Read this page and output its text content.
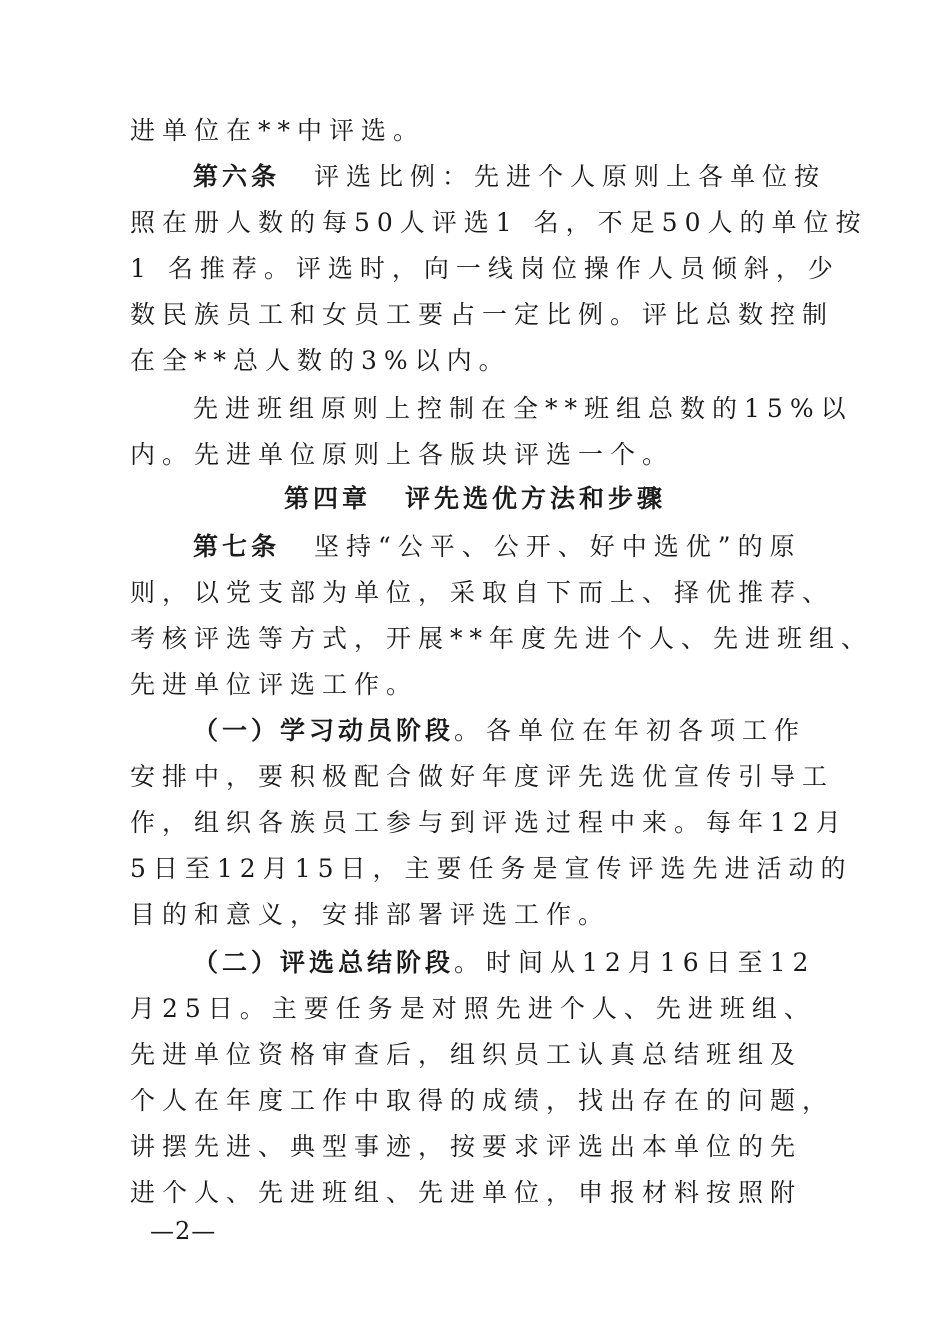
进单位在**中评选。
第六条 评选比例：先进个人原则上各单位按
照在册人数的每50人评选1 名，不足50人的单位按
1 名推荐。评选时，向一线岗位操作人员倾斜，少
数民族员工和女员工要占一定比例。评比总数控制
在全**总人数的3%以内。
先进班组原则上控制在全**班组总数的15%以
内。先进单位原则上各版块评选一个。
第四章 评先选优方法和步骤
第七条 坚持“公平、公开、好中选优”的原
则，以党支部为单位，采取自下而上、择优推荐、
考核评选等方式，开展**年度先进个人、先进班组、
先进单位评选工作。
（一）学习动员阶段。各单位在年初各项工作
安排中，要积极配合做好年度评先选优宣传引导工
作，组织各族员工参与到评选过程中来。每年12月
5日至12月15日，主要任务是宣传评选先进活动的
目的和意义，安排部署评选工作。
（二）评选总结阶段。时间从12月16日至12
月25日。主要任务是对照先进个人、先进班组、
先进单位资格审查后，组织员工认真总结班组及
个人在年度工作中取得的成绩，找出存在的问题，
讲摆先进、典型事迹，按要求评选出本单位的先
进个人、先进班组、先进单位，申报材料按照附
—2—
